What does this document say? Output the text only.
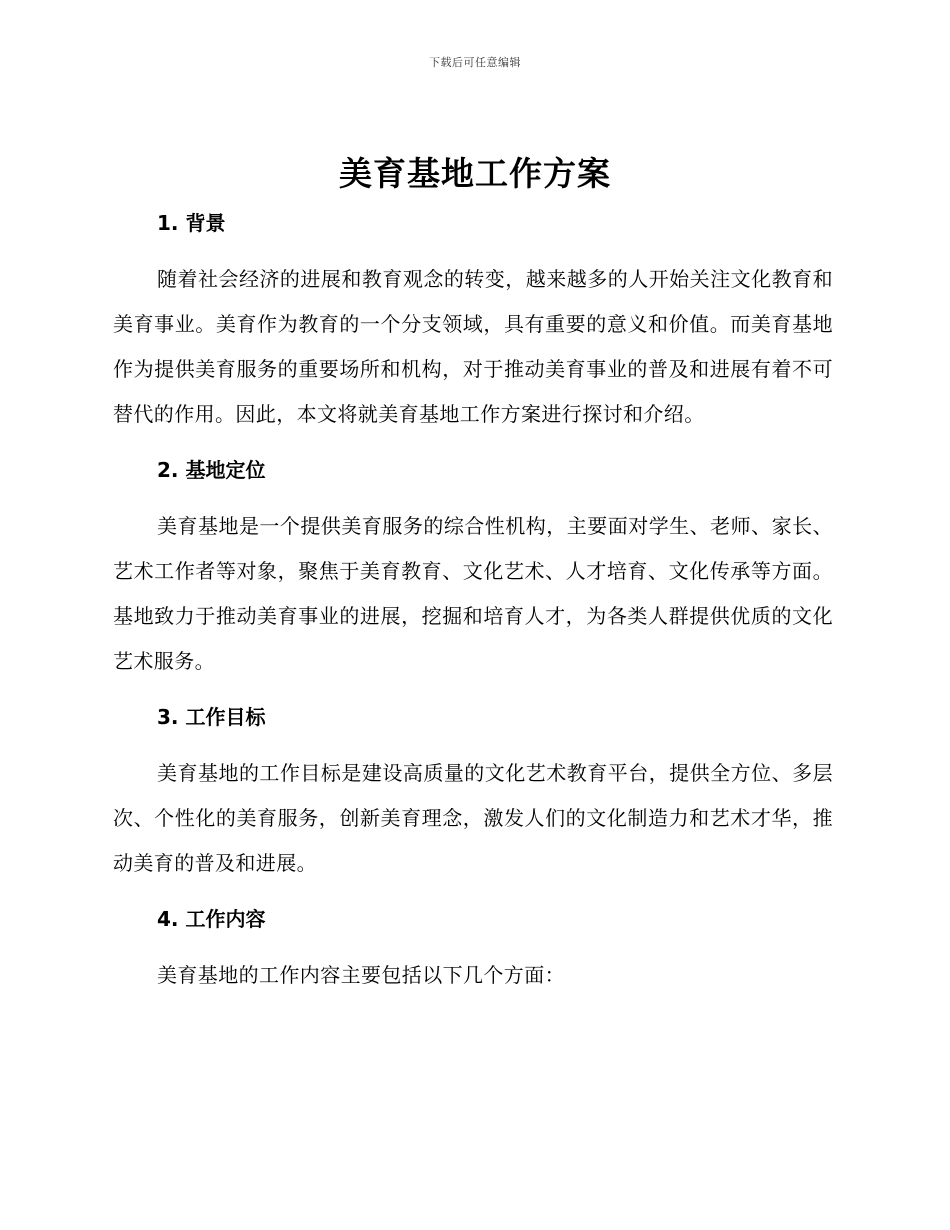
下载后可任意编辑
美育基地工作方案
1. 背景

随着社会经济的进展和教育观念的转变，越来越多的人开始关注文化教育和美育事业。美育作为教育的一个分支领域，具有重要的意义和价值。而美育基地作为提供美育服务的重要场所和机构，对于推动美育事业的普及和进展有着不可替代的作用。因此，本文将就美育基地工作方案进行探讨和介绍。

2. 基地定位

美育基地是一个提供美育服务的综合性机构，主要面对学生、老师、家长、艺术工作者等对象，聚焦于美育教育、文化艺术、人才培育、文化传承等方面。基地致力于推动美育事业的进展，挖掘和培育人才，为各类人群提供优质的文化艺术服务。

3. 工作目标

美育基地的工作目标是建设高质量的文化艺术教育平台，提供全方位、多层次、个性化的美育服务，创新美育理念，激发人们的文化制造力和艺术才华，推动美育的普及和进展。

4. 工作内容

美育基地的工作内容主要包括以下几个方面：
